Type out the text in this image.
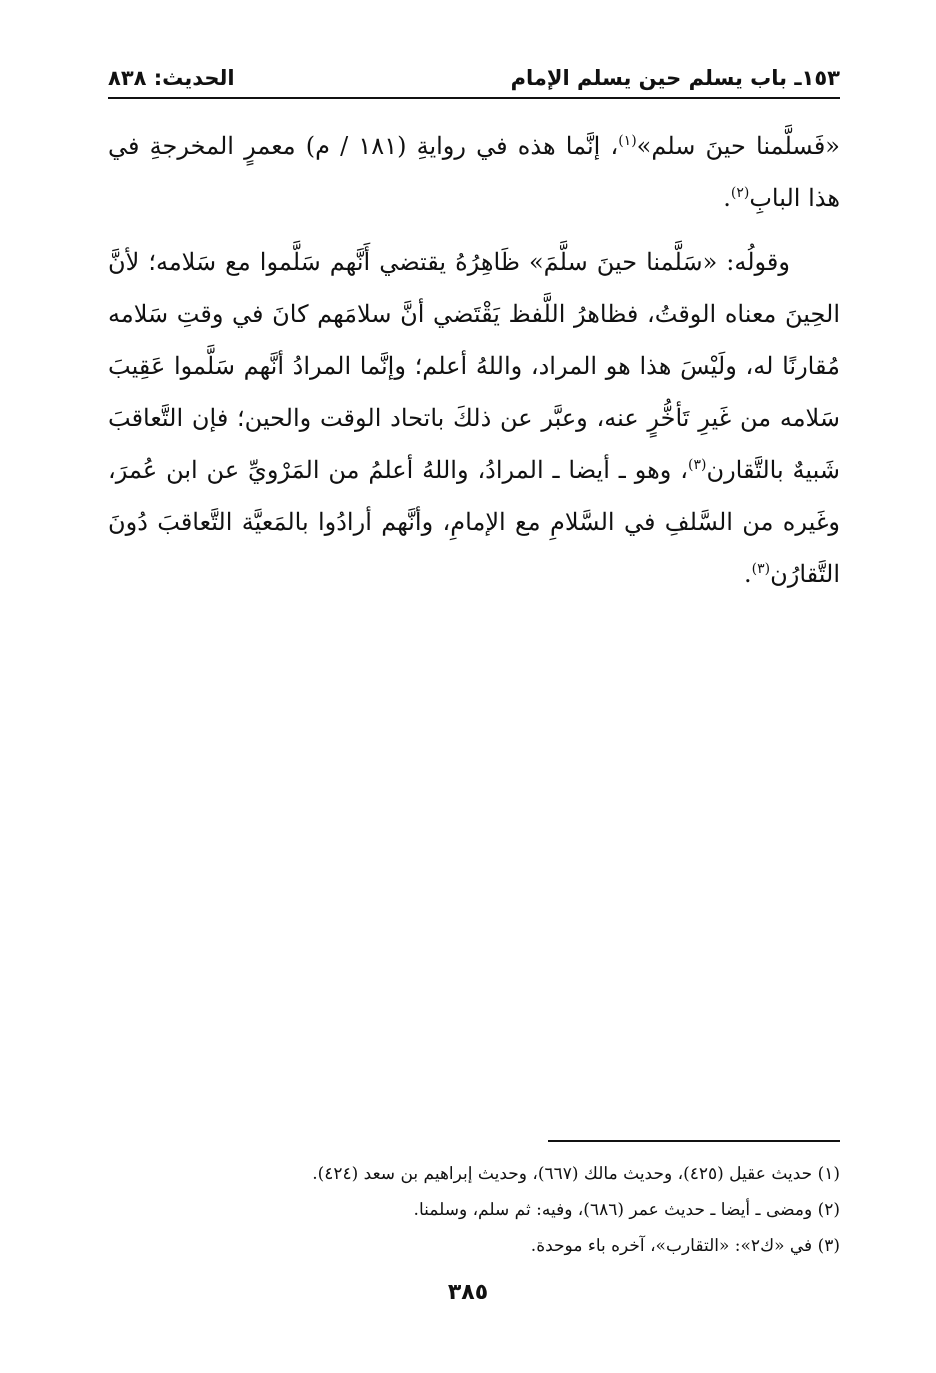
١٥٣ـ باب يسلم حين يسلم الإمام
الحديث: ٨٣٨

«فَسلَّمنا حينَ سلم»$^{(١)}$، إنَّما هذه في روايةِ (١٨١ / م) معمرٍ المخرجةِ في هذا البابِ$^{(٢)}$.

وقولُه: «سَلَّمنا حينَ سلَّمَ» ظَاهِرُهُ يقتضي أَنَّهم سَلَّموا مع سَلامه؛ لأنَّ الحِينَ معناه الوقتُ، فظاهرُ اللَّفظ يَقْتَضي أنَّ سلامَهم كانَ في وقتِ سَلامه مُقارنًا له، ولَيْسَ هذا هو المراد، واللهُ أعلم؛ وإنَّما المرادُ أنَّهم سَلَّموا عَقِيبَ سَلامه من غَيرِ تَأخُّرٍ عنه، وعبَّر عن ذلكَ باتحاد الوقت والحين؛ فإن التَّعاقبَ شَبيهٌ بالتَّقارن$^{(٣)}$، وهو ـ أيضا ـ المرادُ، واللهُ أعلمُ من المَرْويِّ عن ابن عُمرَ، وغَيره من السَّلفِ في السَّلامِ مع الإمامِ، وأنَّهم أرادُوا بالمَعيَّة التَّعاقبَ دُونَ التَّقارُن$^{(٣)}$.

(١) حديث عقيل (٤٢٥)، وحديث مالك (٦٦٧)، وحديث إبراهيم بن سعد (٤٢٤).
(٢) ومضى ـ أيضا ـ حديث عمر (٦٨٦)، وفيه: ثم سلم، وسلمنا.
(٣) في «ك٢»: «التقارب»، آخره باء موحدة.
٣٨٥
